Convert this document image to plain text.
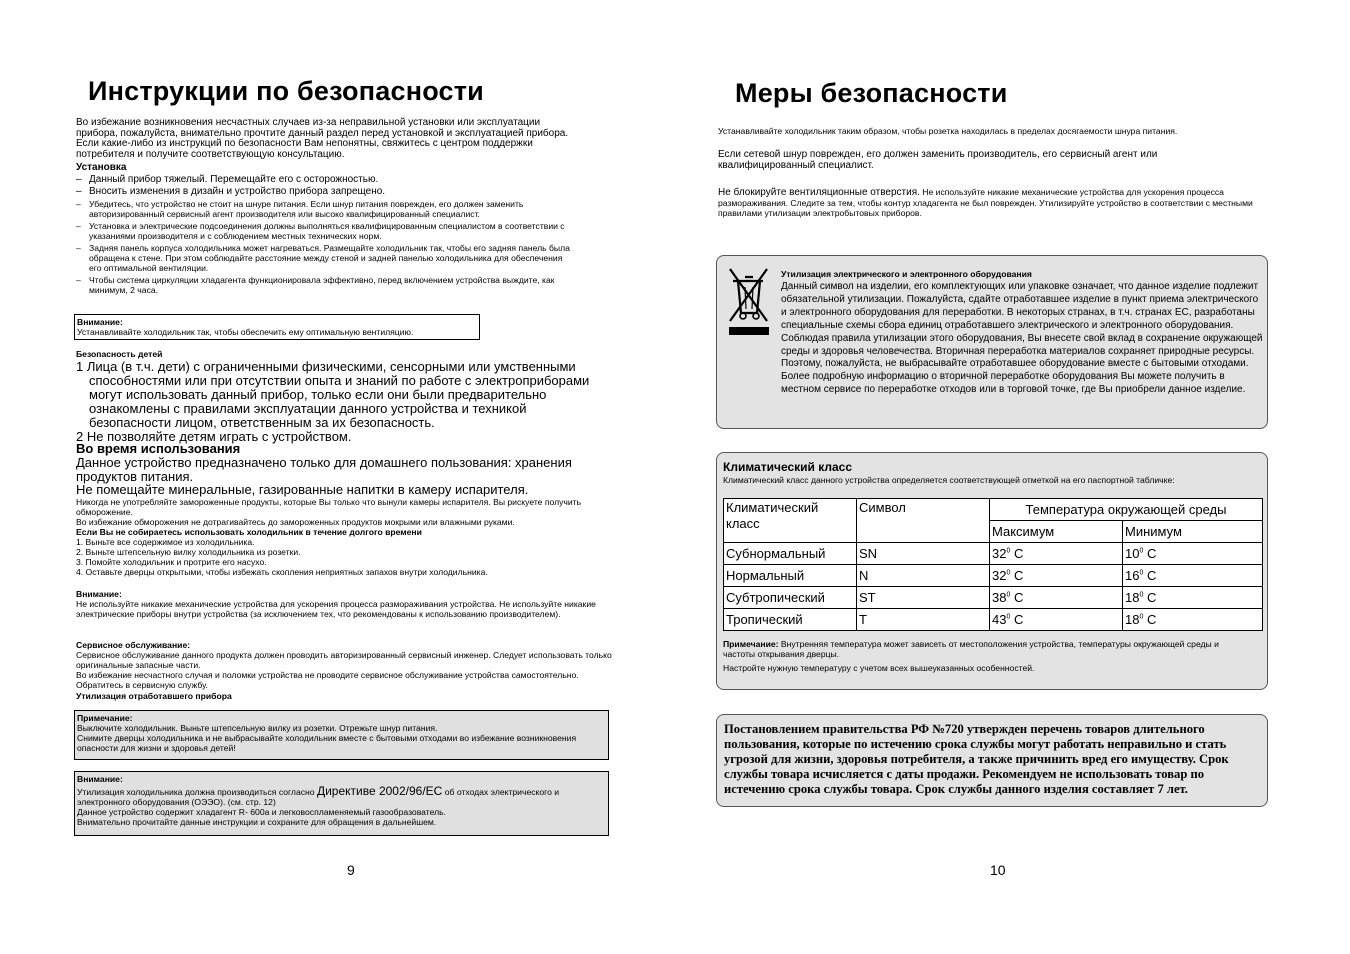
Инструкции по безопасности
Во избежание возникновения несчастных случаев из-за неправильной установки или эксплуатации прибора, пожалуйста, внимательно прочтите данный раздел перед установкой и эксплуатацией прибора. Если какие-либо из инструкций по безопасности Вам непонятны, свяжитесь с центром поддержки потребителя и получите соответствующую консультацию.
Установка
– Данный прибор тяжелый. Перемещайте его с осторожностью.
– Вносить изменения в дизайн и устройство прибора запрещено.
– Убедитесь, что устройство не стоит на шнуре питания. Если шнур питания поврежден, его должен заменить авторизированный сервисный агент производителя или высоко квалифицированный специалист.
– Установка и электрические подсоединения должны выполняться квалифицированным специалистом в соответствии с указаниями производителя и с соблюдением местных технических норм.
– Задняя панель корпуса холодильника может нагреваться. Размещайте холодильник так, чтобы его задняя панель была обращена к стене. При этом соблюдайте расстояние между стеной и задней панелью холодильника для обеспечения его оптимальной вентиляции.
– Чтобы система циркуляции хладагента функционировала эффективно, перед включением устройства выждите, как минимум, 2 часа.
Внимание:
Устанавливайте холодильник так, чтобы обеспечить ему оптимальную вентиляцию.
Безопасность детей
1 Лица (в т.ч. дети) с ограниченными физическими, сенсорными или умственными способностями или при отсутствии опыта и знаний по работе с электроприборами могут использовать данный прибор, только если они были предварительно ознакомлены с правилами эксплуатации данного устройства и техникой безопасности лицом, ответственным за их безопасность.
2 Не позволяйте детям играть с устройством.
Во время использования
Данное устройство предназначено только для домашнего пользования: хранения продуктов питания.
Не помещайте минеральные, газированные напитки в камеру испарителя.
Никогда не употребляйте замороженные продукты, которые Вы только что вынули камеры испарителя. Вы рискуете получить обморожение.
Во избежание обморожения не дотрагивайтесь до замороженных продуктов мокрыми или влажными руками.
Если Вы не собираетесь использовать холодильник в течение долгого времени
1. Выньте все содержимое из холодильника.
2. Выньте штепсельную вилку холодильника из розетки.
3. Помойте холодильник и протрите его насухо.
4. Оставьте дверцы открытыми, чтобы избежать скопления неприятных запахов внутри холодильника.
Внимание:
Не используйте никакие механические устройства для ускорения процесса размораживания устройства. Не используйте никакие электрические приборы внутри устройства (за исключением тех, что рекомендованы к использованию производителем).
Сервисное обслуживание:
Сервисное обслуживание данного продукта должен проводить авторизированный сервисный инженер. Следует использовать только оригинальные запасные части.
Во избежание несчастного случая и поломки устройства не проводите сервисное обслуживание устройства самостоятельно. Обратитесь в сервисную службу.
Утилизация отработавшего прибора
Примечание:
Выключите холодильник. Выньте штепсельную вилку из розетки. Отрежьте шнур питания.
Снимите дверцы холодильника и не выбрасывайте холодильник вместе с бытовыми отходами во избежание возникновения опасности для жизни и здоровья детей!
Внимание:
Утилизация холодильника должна производиться согласно Директиве 2002/96/ЕС об отходах электрического и электронного оборудования (ОЭЭО). (см. стр. 12)
Данное устройство содержит хладагент R- 600a и легковоспламеняемый газообразователь.
Внимательно прочитайте данные инструкции и сохраните для обращения в дальнейшем.
9
Меры безопасности
Устанавливайте холодильник таким образом, чтобы розетка находилась в пределах досягаемости шнура питания.
Если сетевой шнур поврежден, его должен заменить производитель, его сервисный агент или квалифицированный специалист.
Не блокируйте вентиляционные отверстия. Не используйте никакие механические устройства для ускорения процесса размораживания. Следите за тем, чтобы контур хладагента не был поврежден. Утилизируйте устройство в соответствии с местными правилами утилизации электробытовых приборов.
Утилизация электрического и электронного оборудования
Данный символ на изделии, его комплектующих или упаковке означает, что данное изделие подлежит обязательной утилизации. Пожалуйста, сдайте отработавшее изделие в пункт приема электрического и электронного оборудования для переработки. В некоторых странах, в т.ч. странах ЕС, разработаны специальные схемы сбора единиц отработавшего электрического и электронного оборудования. Соблюдая правила утилизации этого оборудования, Вы внесете свой вклад в сохранение окружающей среды и здоровья человечества. Вторичная переработка материалов сохраняет природные ресурсы. Поэтому, пожалуйста, не выбрасывайте отработавшее оборудование вместе с бытовыми отходами. Более подробную информацию о вторичной переработке оборудования Вы можете получить в местном сервисе по переработке отходов или в торговой точке, где Вы приобрели данное изделие.
Климатический класс
Климатический класс данного устройства определяется соответствующей отметкой на его паспортной табличке:
Климатический класс	Символ	Температура окружающей среды	
		Максимум	Минимум
Субнормальный	SN	$32^0$ C	$10^0$ C
Нормальный	N	$32^0$ C	$16^0$ C
Субтропический	ST	$38^0$ C	$18^0$ C
Тропический	T	$43^0$ C	$18^0$ C
Примечание: Внутренняя температура может зависеть от местоположения устройства, температуры окружающей среды и частоты открывания дверцы.
Настройте нужную температуру с учетом всех вышеуказанных особенностей.
Постановлением правительства РФ №720 утвержден перечень товаров длительного пользования, которые по истечению срока службы могут работать неправильно и стать угрозой для жизни, здоровья потребителя, а также причинить вред его имуществу. Срок службы товара исчисляется с даты продажи. Рекомендуем не использовать товар по истечению срока службы товара. Срок службы данного изделия составляет 7 лет.
10
